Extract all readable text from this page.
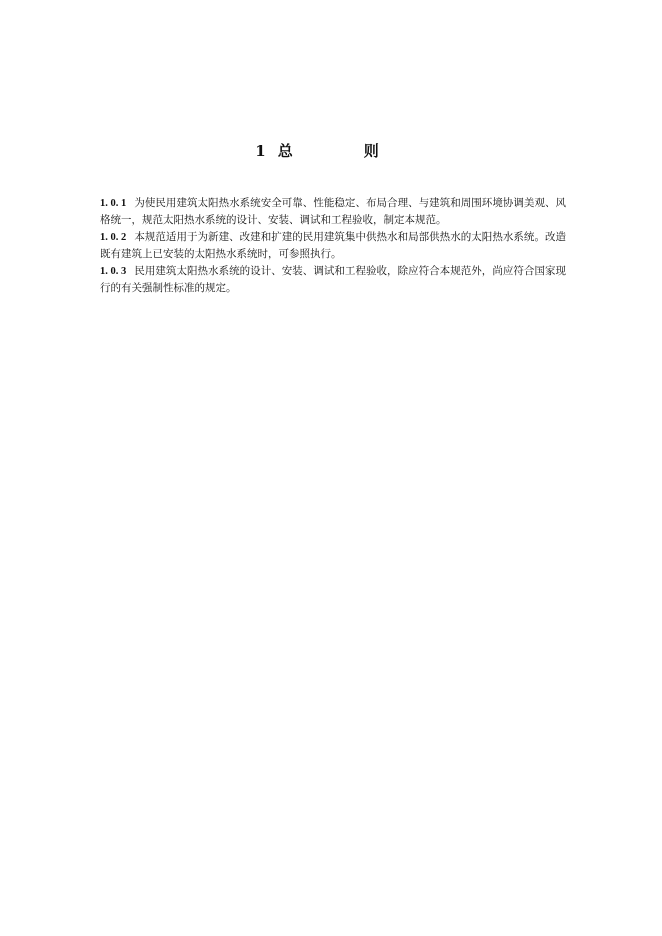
1 总　则

1. 0. 1 为使民用建筑太阳热水系统安全可靠、性能稳定、布局合理、与建筑和周围环境协调美观、风格统一，规范太阳热水系统的设计、安装、调试和工程验收，制定本规范。

1. 0. 2 本规范适用于为新建、改建和扩建的民用建筑集中供热水和局部供热水的太阳热水系统。改造既有建筑上已安装的太阳热水系统时，可参照执行。

1. 0. 3 民用建筑太阳热水系统的设计、安装、调试和工程验收，除应符合本规范外，尚应符合国家现行的有关强制性标准的规定。
